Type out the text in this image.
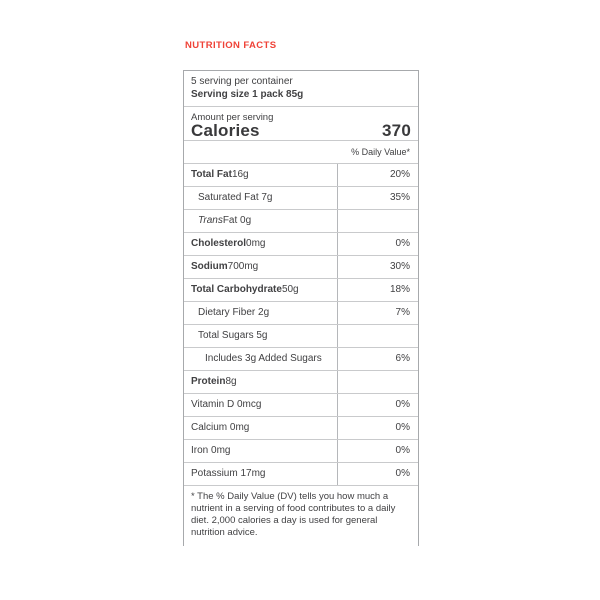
NUTRITION FACTS
5 serving per container
Serving size 1 pack 85g
Amount per serving
Calories	370
% Daily Value*
Total Fat 16g	20%
Saturated Fat 7g	35%
Trans Fat 0g
Cholesterol 0mg	0%
Sodium 700mg	30%
Total Carbohydrate 50g	18%
Dietary Fiber 2g	7%
Total Sugars 5g
Includes 3g Added Sugars	6%
Protein 8g
Vitamin D 0mcg	0%
Calcium 0mg	0%
Iron 0mg	0%
Potassium 17mg	0%
* The % Daily Value (DV) tells you how much a nutrient in a serving of food contributes to a daily diet. 2,000 calories a day is used for general nutrition advice.
